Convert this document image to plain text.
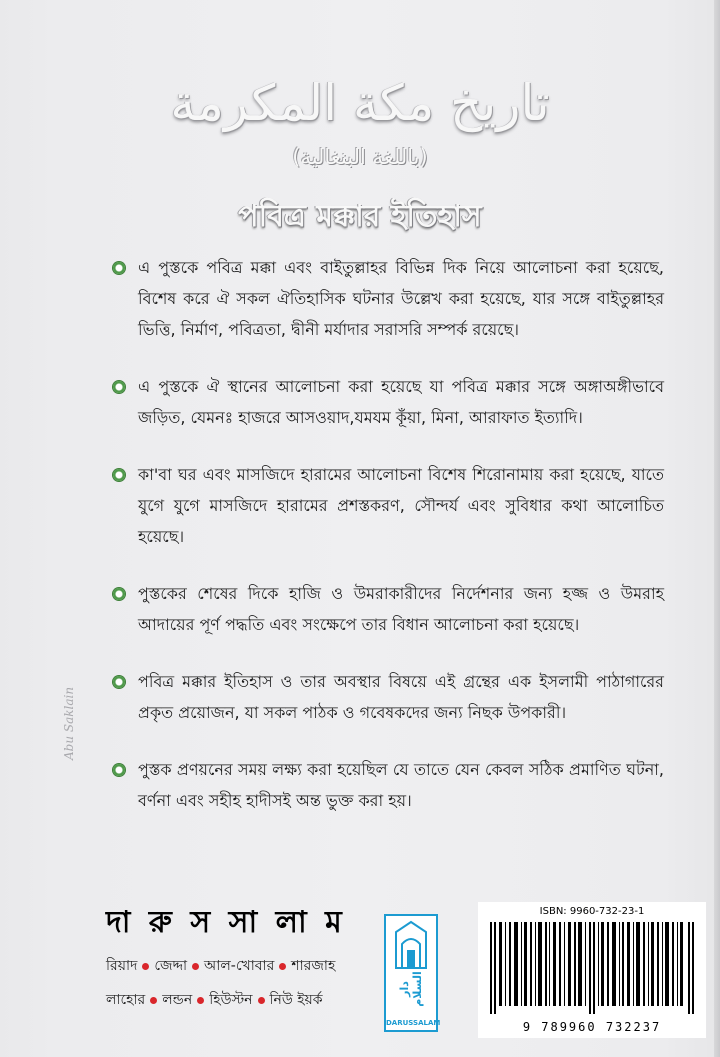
تاريخ مكة المكرمة
(باللغة البنغالية)
পবিত্র মক্কার ইতিহাস

এ পুস্তকে পবিত্র মক্কা এবং বাইতুল্লাহর বিভিন্ন দিক নিয়ে আলোচনা করা হয়েছে, বিশেষ করে ঐ সকল ঐতিহাসিক ঘটনার উল্লেখ করা হয়েছে, যার সঙ্গে বাইতুল্লাহর ভিত্তি, নির্মাণ, পবিত্রতা, দ্বীনী মর্যাদার সরাসরি সম্পর্ক রয়েছে।

এ পুস্তকে ঐ স্থানের আলোচনা করা হয়েছে যা পবিত্র মক্কার সঙ্গে অঙ্গাঅঙ্গীভাবে জড়িত, যেমনঃ হাজরে আসওয়াদ,যমযম কূঁয়া, মিনা, আরাফাত ইত্যাদি।

কা'বা ঘর এবং মাসজিদে হারামের আলোচনা বিশেষ শিরোনামায় করা হয়েছে, যাতে যুগে যুগে মাসজিদে হারামের প্রশস্তকরণ, সৌন্দর্য এবং সুবিধার কথা আলোচিত হয়েছে।

পুস্তকের শেষের দিকে হাজি ও উমরাকারীদের নির্দেশনার জন্য হজ্জ ও উমরাহ আদায়ের পূর্ণ পদ্ধতি এবং সংক্ষেপে তার বিধান আলোচনা করা হয়েছে।

পবিত্র মক্কার ইতিহাস ও তার অবস্থার বিষয়ে এই গ্রন্থের এক ইসলামী পাঠাগারের প্রকৃত প্রয়োজন, যা সকল পাঠক ও গবেষকদের জন্য নিছক উপকারী।

পুস্তক প্রণয়নের সময় লক্ষ্য করা হয়েছিল যে তাতে যেন কেবল সঠিক প্রমাণিত ঘটনা, বর্ণনা এবং সহীহ হাদীসই অন্ত ভুক্ত করা হয়।

Abu Saklain
দা রু স সা লা ম
রিয়াদ জেদ্দা আল-খোবার শারজাহ
লাহোর লন্ডন হিউস্টন নিউ ইয়র্ক
دار السلام
DARUSSALAM
ISBN: 9960-732-23-1
9 789960 732237
